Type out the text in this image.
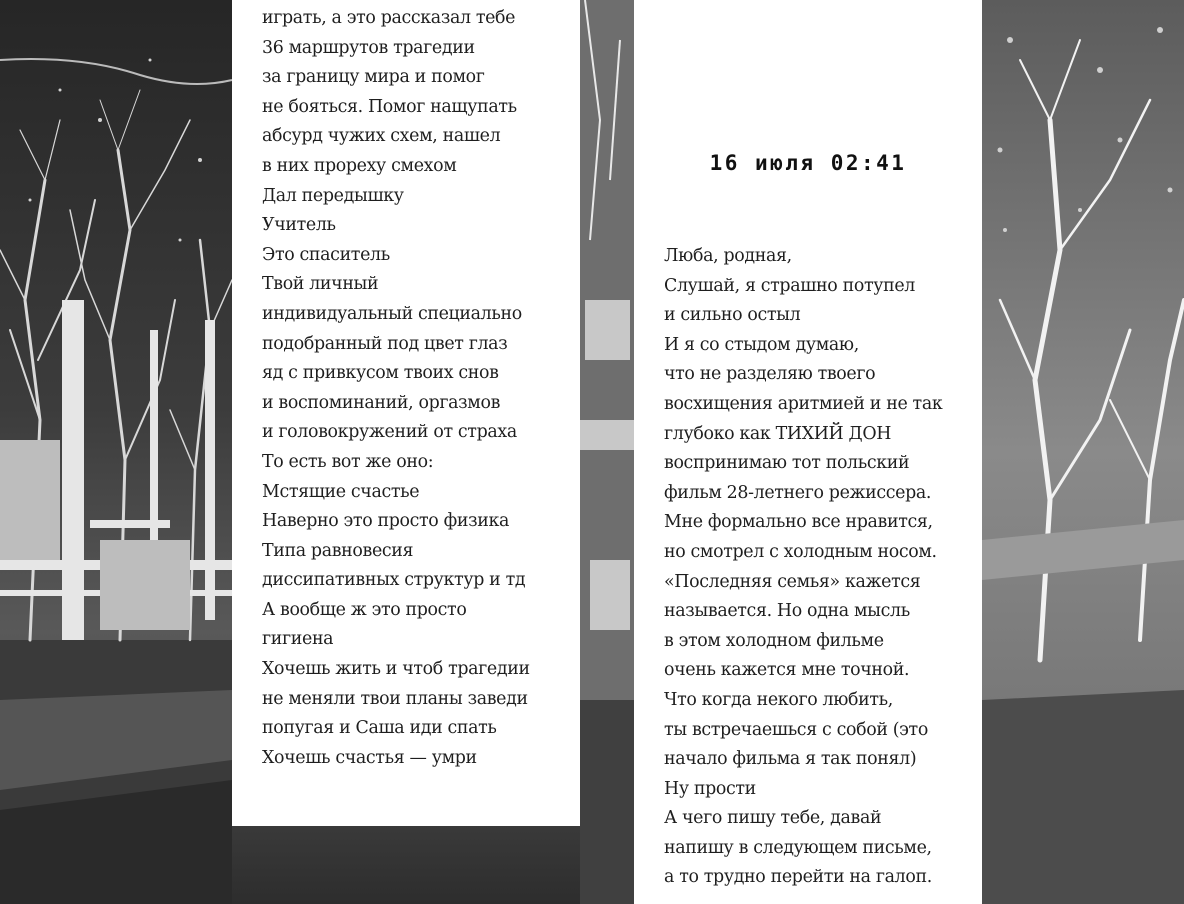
играть, а это рассказал тебе
36 маршрутов трагедии
за границу мира и помог
не бояться. Помог нащупать
абсурд чужих схем, нашел
в них прореху смехом
Дал передышку
Учитель
Это спаситель
Твой личный
индивидуальный специально
подобранный под цвет глаз
яд с привкусом твоих снов
и воспоминаний, оргазмов
и головокружений от страха
То есть вот же оно:
Мстящие счастье
Наверно это просто физика
Типа равновесия
диссипативных структур и тд
А вообще ж это просто
гигиена
Хочешь жить и чтоб трагедии
не меняли твои планы заведи
попугая и Саша иди спать
Хочешь счастья — умри
16 июля 02:41
Люба, родная,
Слушай, я страшно потупел
и сильно остыл
И я со стыдом думаю,
что не разделяю твоего
восхищения аритмией и не так
глубоко как ТИХИЙ ДОН
воспринимаю тот польский
фильм 28-летнего режиссера.
Мне формально все нравится,
но смотрел с холодным носом.
«Последняя семья» кажется
называется. Но одна мысль
в этом холодном фильме
очень кажется мне точной.
Что когда некого любить,
ты встречаешься с собой (это
начало фильма я так понял)
Ну прости
А чего пишу тебе, давай
напишу в следующем письме,
а то трудно перейти на галоп.
